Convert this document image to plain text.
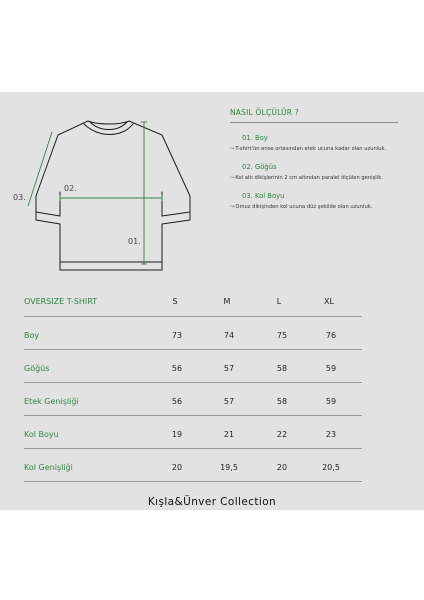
01.
02.
03.
NASIL ÖLÇÜLÜR ?
01. Boy
↪T-shirt'ün ense ortasından etek ucuna kadar olan uzunluk.
02. Göğüs
↪Kol altı dikişlerinin 2 cm altından paralel ölçülen genişlik.
03. Kol Boyu
↪Omuz dikişinden kol ucuna düz şekilde olan uzunluk.
OVERSIZE T-SHIRT	S	M	L	XL
Boy	73	74	75	76
Göğüs	56	57	58	59
Etek Genişliği	56	57	58	59
Kol Boyu	19	21	22	23
Kol Genişliği	20	19,5	20	20,5
Kışla&Ünver Collection
